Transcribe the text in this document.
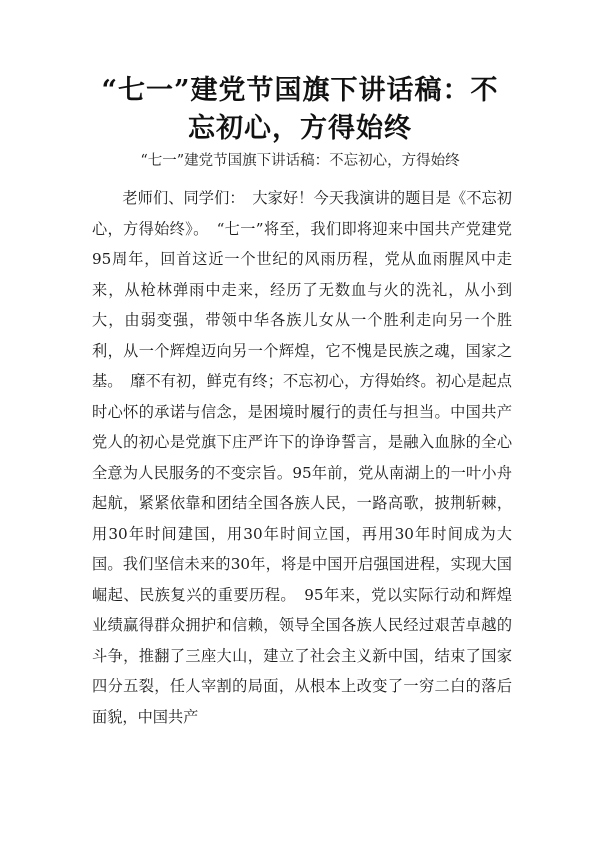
“七一”建党节国旗下讲话稿：不忘初心，方得始终

“七一”建党节国旗下讲话稿：不忘初心，方得始终

老师们、同学们：　大家好！今天我演讲的题目是《不忘初心，方得始终》。　“七一”将至，我们即将迎来中国共产党建党95周年，回首这近一个世纪的风雨历程，党从血雨腥风中走来，从枪林弹雨中走来，经历了无数血与火的洗礼，从小到大，由弱变强，带领中华各族儿女从一个胜利走向另一个胜利，从一个辉煌迈向另一个辉煌，它不愧是民族之魂，国家之基。　靡不有初，鲜克有终；不忘初心，方得始终。初心是起点时心怀的承诺与信念，是困境时履行的责任与担当。中国共产党人的初心是党旗下庄严许下的诤诤誓言，是融入血脉的全心全意为人民服务的不变宗旨。95年前，党从南湖上的一叶小舟起航，紧紧依靠和团结全国各族人民，一路高歌，披荆斩棘，用30年时间建国，用30年时间立国，再用30年时间成为大国。我们坚信未来的30年，将是中国开启强国进程，实现大国崛起、民族复兴的重要历程。　95年来，党以实际行动和辉煌业绩赢得群众拥护和信赖，领导全国各族人民经过艰苦卓越的斗争，推翻了三座大山，建立了社会主义新中国，结束了国家四分五裂，任人宰割的局面，从根本上改变了一穷二白的落后面貌，中国共产
